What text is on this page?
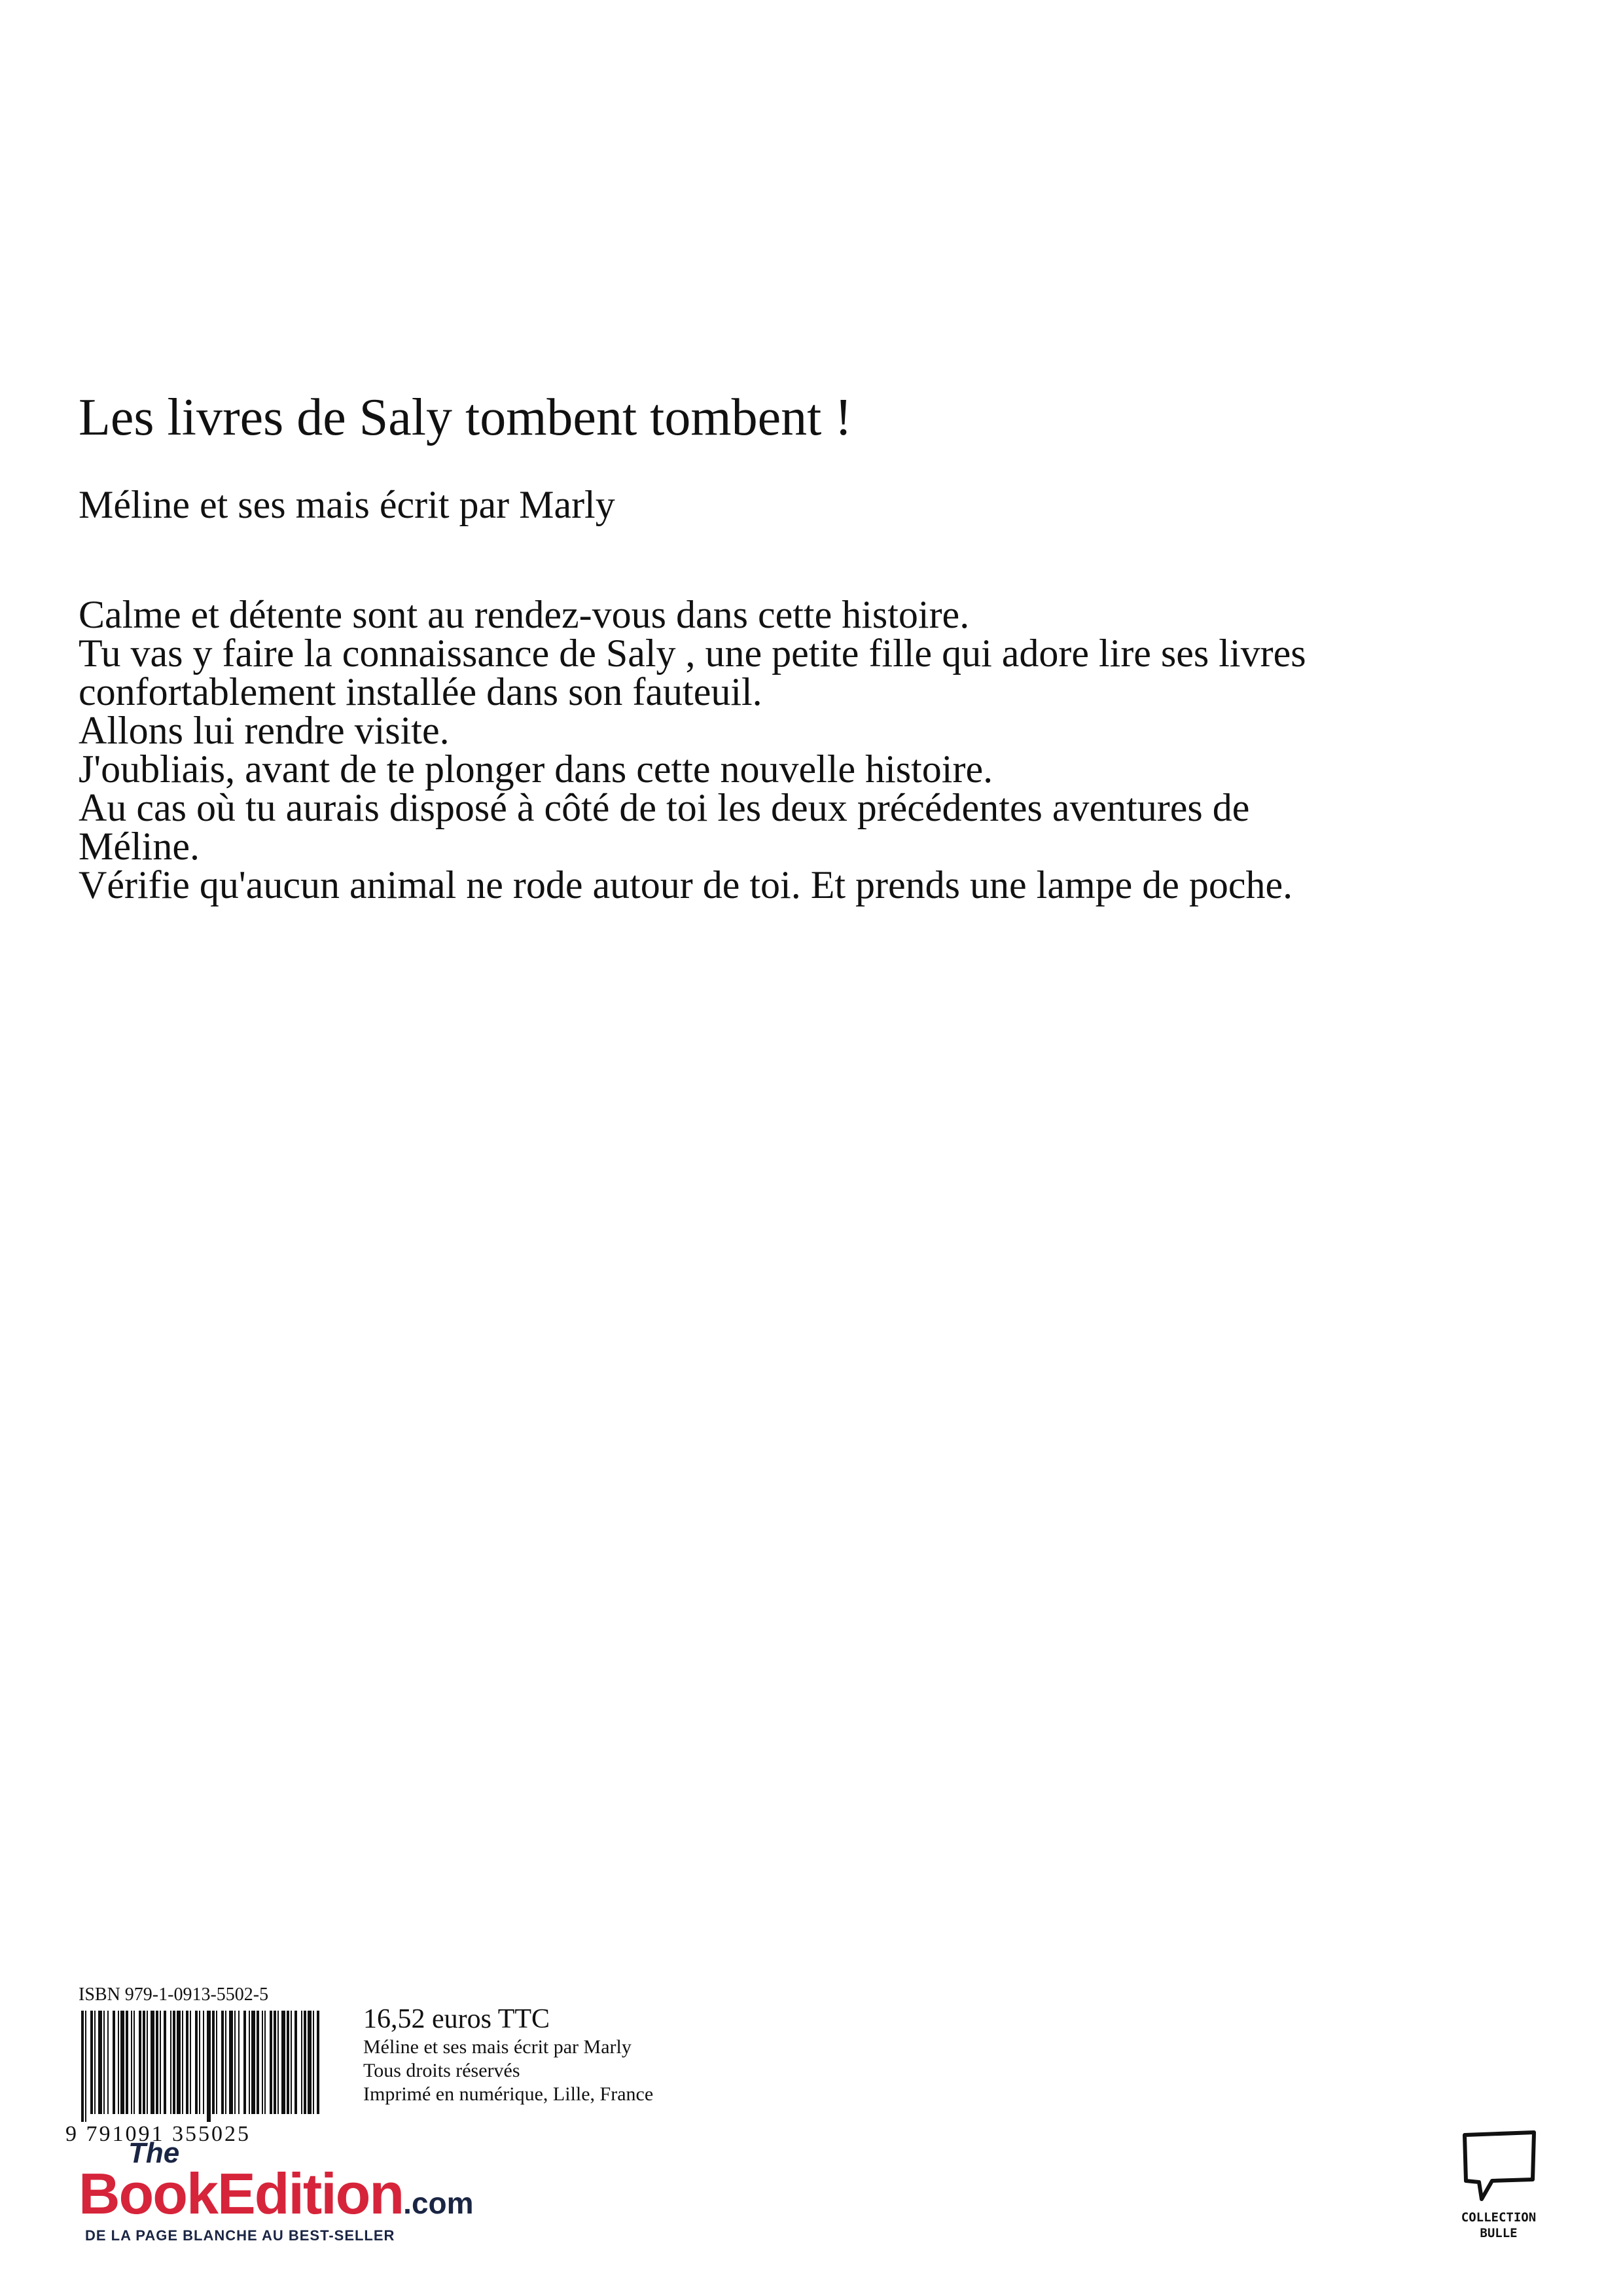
Les livres de Saly tombent tombent !
Méline et ses mais écrit par Marly

Calme et détente sont au rendez-vous dans cette histoire.

Tu vas y faire la connaissance de Saly , une petite fille qui adore lire ses livres confortablement installée dans son fauteuil.

Allons lui rendre visite.

J'oubliais, avant de te plonger dans cette nouvelle histoire.

Au cas où tu aurais disposé à côté de toi les deux précédentes aventures de Méline.

Vérifie qu'aucun animal ne rode autour de toi. Et prends une lampe de poche.

ISBN 979-1-0913-5502-5
9 791091 355025
16,52 euros TTC
Méline et ses mais écrit par Marly
Tous droits réservés
Imprimé en numérique, Lille, France
The
BookEdition.com
DE LA PAGE BLANCHE AU BEST-SELLER
COLLECTION
BULLE
